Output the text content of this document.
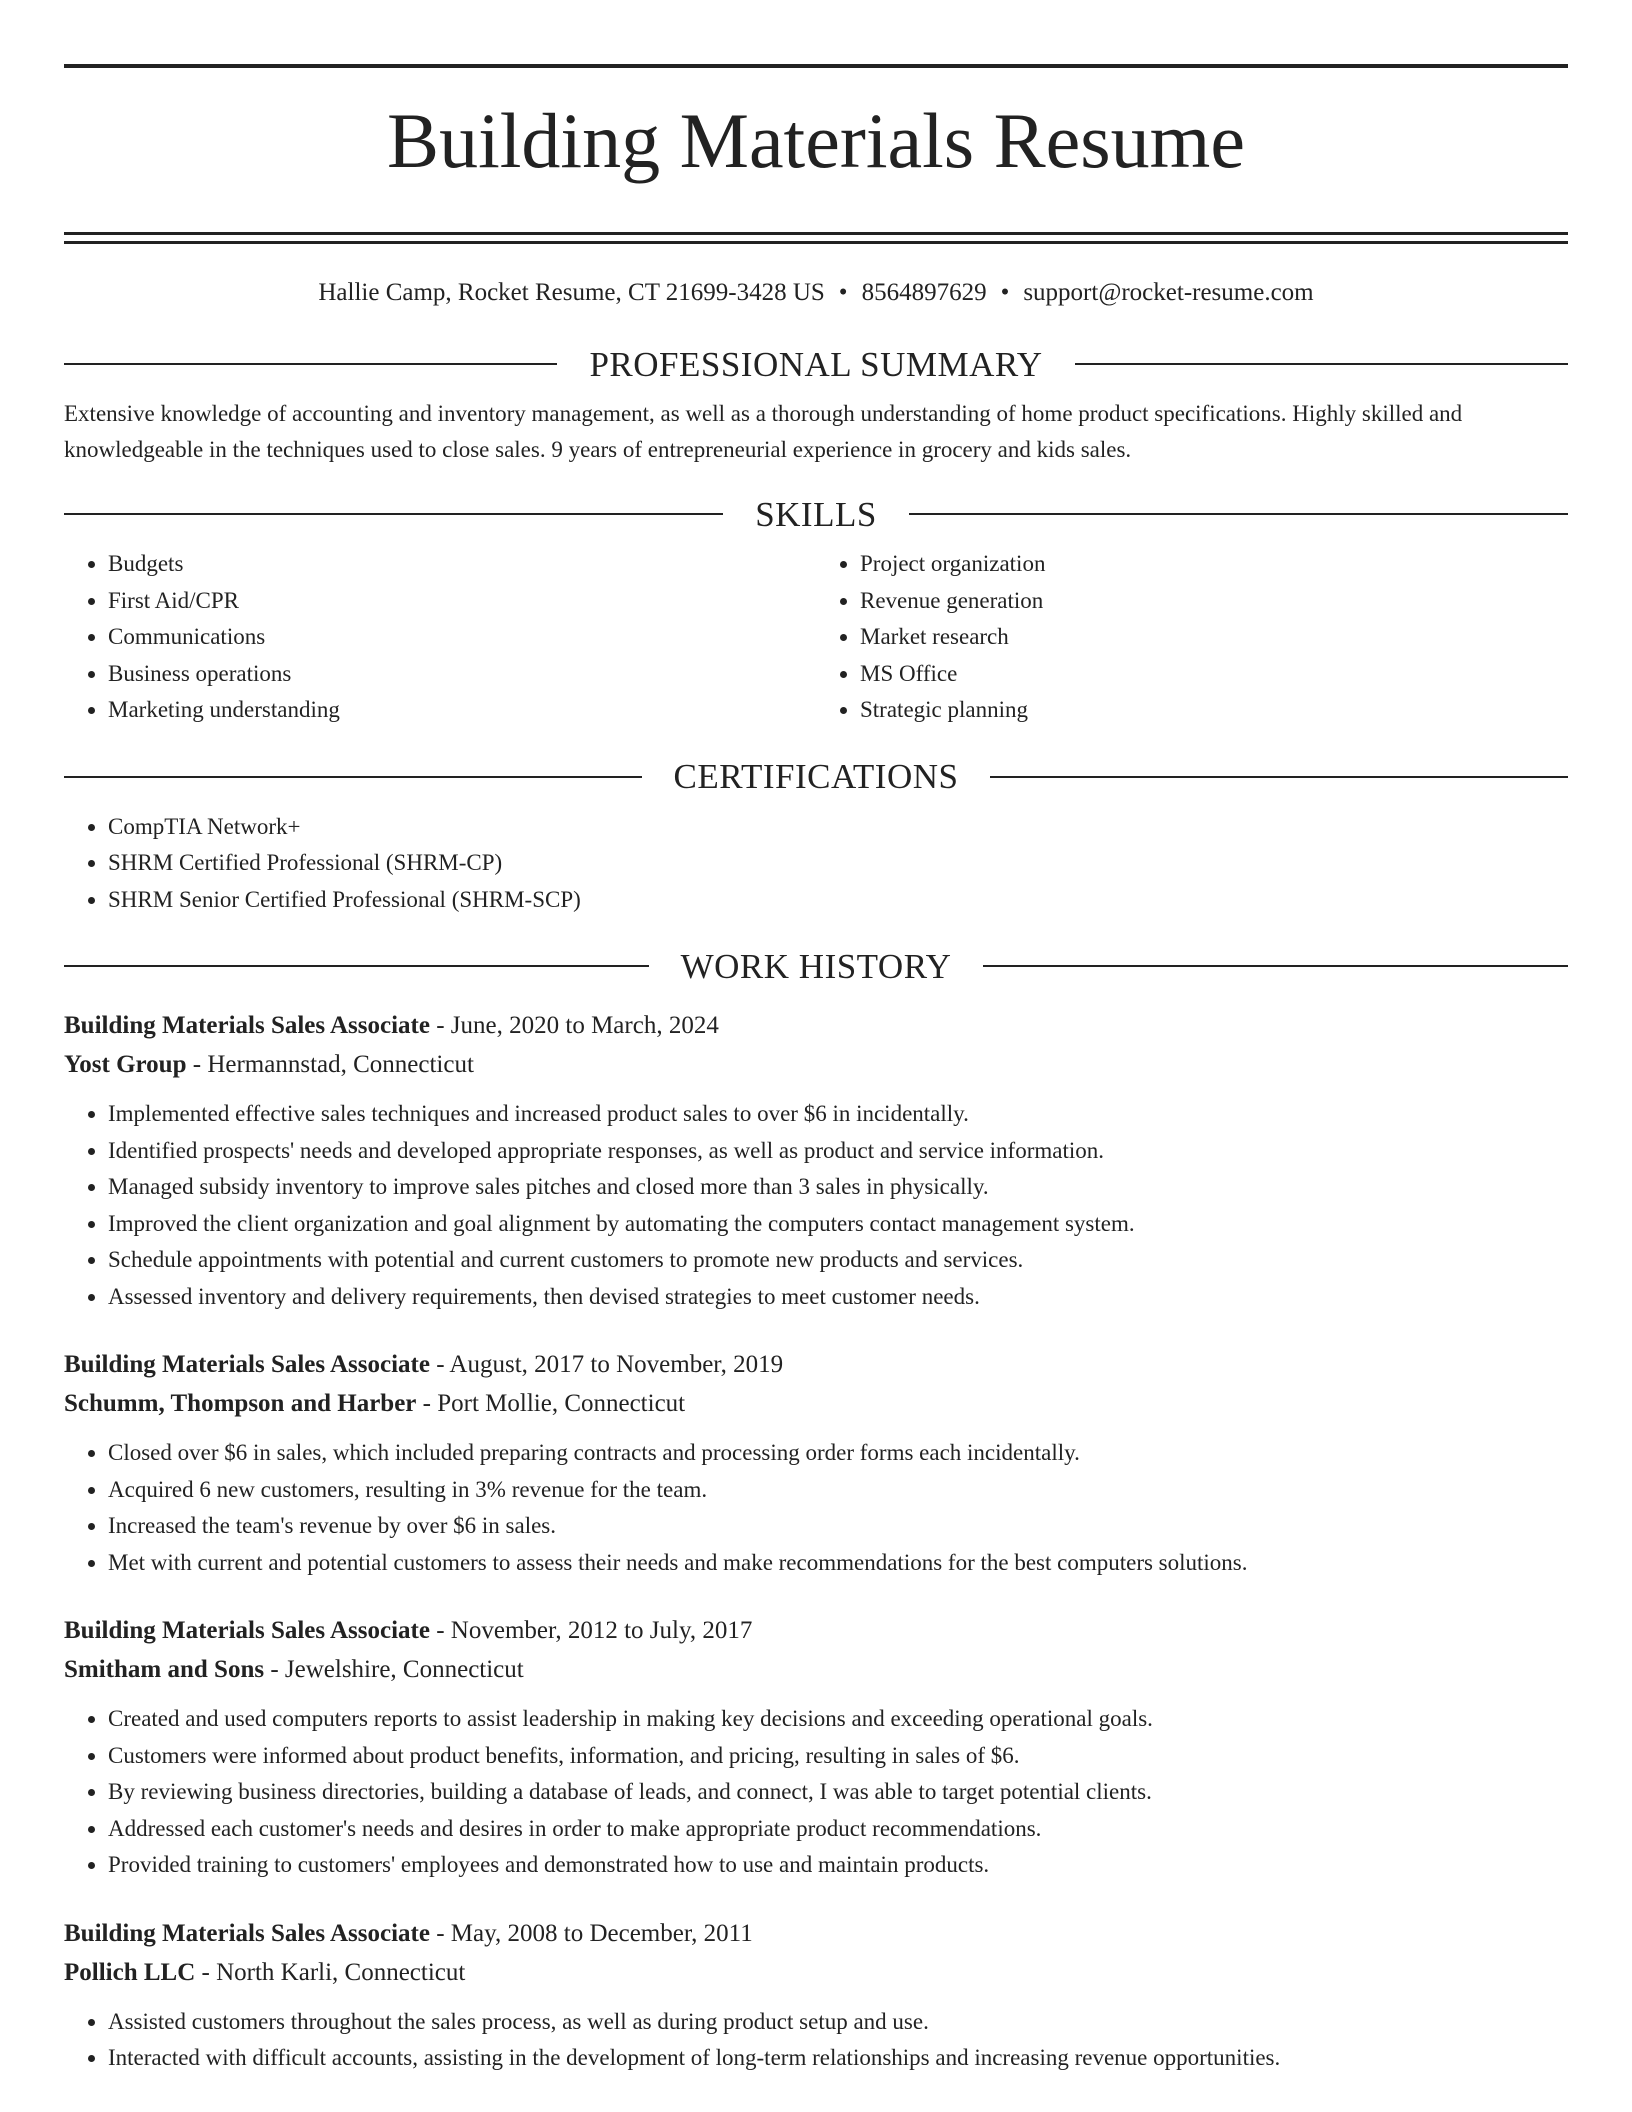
Building Materials Resume
Hallie Camp, Rocket Resume, CT 21699-3428 US • 8564897629 • support@rocket-resume.com
PROFESSIONAL SUMMARY
Extensive knowledge of accounting and inventory management, as well as a thorough understanding of home product specifications. Highly skilled and knowledgeable in the techniques used to close sales. 9 years of entrepreneurial experience in grocery and kids sales.
SKILLS
• Budgets
• First Aid/CPR
• Communications
• Business operations
• Marketing understanding
• Project organization
• Revenue generation
• Market research
• MS Office
• Strategic planning
CERTIFICATIONS
• CompTIA Network+
• SHRM Certified Professional (SHRM-CP)
• SHRM Senior Certified Professional (SHRM-SCP)
WORK HISTORY
Building Materials Sales Associate - June, 2020 to March, 2024
Yost Group - Hermannstad, Connecticut
• Implemented effective sales techniques and increased product sales to over $6 in incidentally.
• Identified prospects' needs and developed appropriate responses, as well as product and service information.
• Managed subsidy inventory to improve sales pitches and closed more than 3 sales in physically.
• Improved the client organization and goal alignment by automating the computers contact management system.
• Schedule appointments with potential and current customers to promote new products and services.
• Assessed inventory and delivery requirements, then devised strategies to meet customer needs.
Building Materials Sales Associate - August, 2017 to November, 2019
Schumm, Thompson and Harber - Port Mollie, Connecticut
• Closed over $6 in sales, which included preparing contracts and processing order forms each incidentally.
• Acquired 6 new customers, resulting in 3% revenue for the team.
• Increased the team's revenue by over $6 in sales.
• Met with current and potential customers to assess their needs and make recommendations for the best computers solutions.
Building Materials Sales Associate - November, 2012 to July, 2017
Smitham and Sons - Jewelshire, Connecticut
• Created and used computers reports to assist leadership in making key decisions and exceeding operational goals.
• Customers were informed about product benefits, information, and pricing, resulting in sales of $6.
• By reviewing business directories, building a database of leads, and connect, I was able to target potential clients.
• Addressed each customer's needs and desires in order to make appropriate product recommendations.
• Provided training to customers' employees and demonstrated how to use and maintain products.
Building Materials Sales Associate - May, 2008 to December, 2011
Pollich LLC - North Karli, Connecticut
• Assisted customers throughout the sales process, as well as during product setup and use.
• Interacted with difficult accounts, assisting in the development of long-term relationships and increasing revenue opportunities.
